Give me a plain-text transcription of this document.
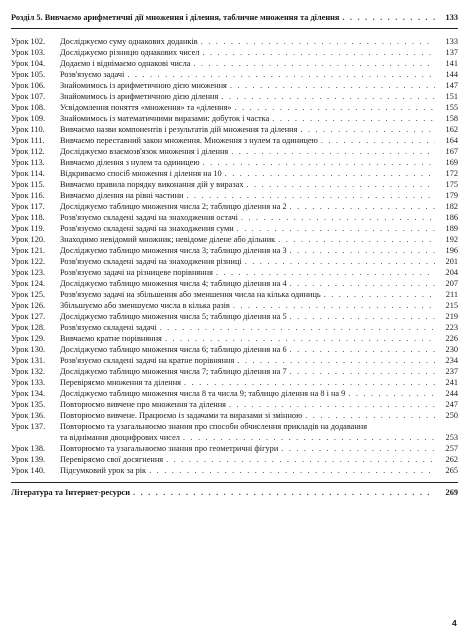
Розділ 5. Вивчаємо арифметичні дії множення і ділення, табличне множення та ділення . . .	133
Урок 102.	Досліджуємо суму однакових доданків . . .	133
Урок 103.	Досліджуємо різницю однакових чисел . . .	137
Урок 104.	Додаємо і віднімаємо однакові числа . . .	141
Урок 105.	Розв'язуємо задачі . . .	144
Урок 106.	Знайомимось із арифметичною дією множення . . .	147
Урок 107.	Знайомимось із арифметичною дією ділення . . .	151
Урок 108.	Усвідомлення поняття «множення» та «ділення» . . .	155
Урок 109.	Знайомимось із математичними виразами: добуток і частка . . .	158
Урок 110.	Вивчаємо назви компонентів і результатів дій множення та ділення . . .	162
Урок 111.	Вивчаємо переставний закон множення. Множення з нулем та одиницею . . .	164
Урок 112.	Досліджуємо взаємозв'язок множення і ділення . . .	167
Урок 113.	Вивчаємо ділення з нулем та одиницею . . .	169
Урок 114.	Відкриваємо спосіб множення і ділення на 10 . . .	172
Урок 115.	Вивчаємо правила порядку виконання дій у виразах . . .	175
Урок 116.	Вивчаємо ділення на рівні частини . . .	179
Урок 117.	Досліджуємо таблицю множення числа 2; таблицю ділення на 2 . . .	182
Урок 118.	Розв'язуємо складені задачі на знаходження остачі . . .	186
Урок 119.	Розв'язуємо складені задачі на знаходження суми . . .	189
Урок 120.	Знаходимо невідомий множник; невідоме ділене або дільник . . .	192
Урок 121.	Досліджуємо таблицю множення числа 3; таблицю ділення на 3 . . .	196
Урок 122.	Розв'язуємо складені задачі на знаходження різниці . . .	201
Урок 123.	Розв'язуємо задачі на різницеве порівняння . . .	204
Урок 124.	Досліджуємо таблицю множення числа 4; таблицю ділення на 4 . . .	207
Урок 125.	Розв'язуємо задачі на збільшення або зменшення числа на кілька одиниць . . .	211
Урок 126.	Збільшуємо або зменшуємо числа в кілька разів . . .	215
Урок 127.	Досліджуємо таблицю множення числа 5; таблицю ділення на 5 . . .	219
Урок 128.	Розв'язуємо складені задачі . . .	223
Урок 129.	Вивчаємо кратне порівняння . . .	226
Урок 130.	Досліджуємо таблицю множення числа 6; таблицю ділення на 6 . . .	230
Урок 131.	Розв'язуємо складені задачі на кратне порівняння . . .	234
Урок 132.	Досліджуємо таблицю множення числа 7; таблицю ділення на 7 . . .	237
Урок 133.	Перевіряємо множення та ділення . . .	241
Урок 134.	Досліджуємо таблицю множення числа 8 та числа 9; таблицю ділення на 8 і на 9 . . .	244
Урок 135.	Повторюємо вивчене про множення та ділення . . .	247
Урок 136.	Повторюємо вивчене. Працюємо із задачами та виразами зі змінною . . .	250
Урок 137.	Повторюємо та узагальнюємо знання про способи обчислення прикладів на додавання
та віднімання двоцифрових чисел . . .	253
Урок 138.	Повторюємо та узагальнюємо знання про геометричні фігури . . .	257
Урок 139.	Перевіряємо свої досягнення . . .	262
Урок 140.	Підсумковий урок за рік . . .	265
Література та Інтернет-ресурси . . .	269
4
